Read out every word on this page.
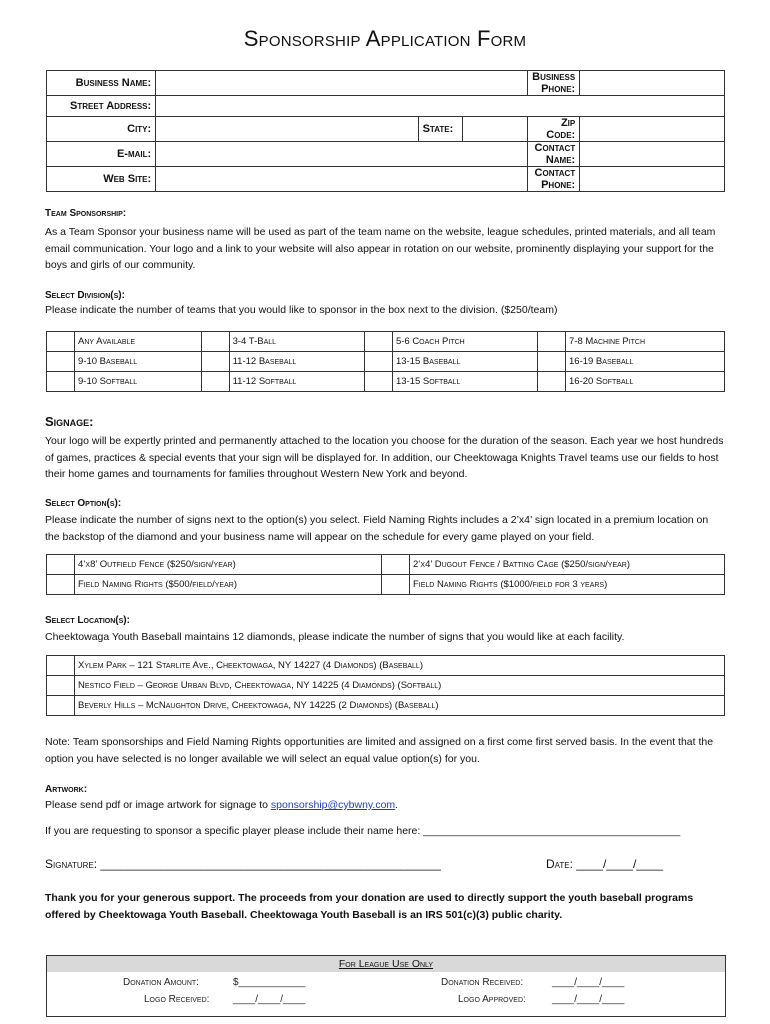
Sponsorship Application Form
Business Name:				Business Phone:	
Street Address:					
City:		State:		Zip Code:	
E-mail:				Contact Name:	
Web Site:				Contact Phone:	
Team Sponsorship:
As a Team Sponsor your business name will be used as part of the team name on the website, league schedules, printed materials, and all team email communication. Your logo and a link to your website will also appear in rotation on our website, prominently displaying your support for the boys and girls of our community.
Select Division(s):
Please indicate the number of teams that you would like to sponsor in the box next to the division. ($250/team)
	Any Available		3-4 T-Ball		5-6 Coach Pitch		7-8 Machine Pitch
	9-10 Baseball		11-12 Baseball		13-15 Baseball		16-19 Baseball
	9-10 Softball		11-12 Softball		13-15 Softball		16-20 Softball
Signage:
Your logo will be expertly printed and permanently attached to the location you choose for the duration of the season. Each year we host hundreds of games, practices & special events that your sign will be displayed for. In addition, our Cheektowaga Knights Travel teams use our fields to host their home games and tournaments for families throughout Western New York and beyond.
Select Option(s):
Please indicate the number of signs next to the option(s) you select. Field Naming Rights includes a 2’x4’ sign located in a premium location on the backstop of the diamond and your business name will appear on the schedule for every game played on your field.
	4’x8’ Outfield Fence ($250/sign/year)		2’x4’ Dugout Fence / Batting Cage ($250/sign/year)
	Field Naming Rights ($500/field/year)		Field Naming Rights ($1000/field for 3 years)
Select Location(s):
Cheektowaga Youth Baseball maintains 12 diamonds, please indicate the number of signs that you would like at each facility.
	Xylem Park – 121 Starlite Ave., Cheektowaga, NY 14227 (4 Diamonds) (Baseball)
	Nestico Field – George Urban Blvd, Cheektowaga, NY 14225 (4 Diamonds) (Softball)
	Beverly Hills – McNaughton Drive, Cheektowaga, NY 14225 (2 Diamonds) (Baseball)
Note: Team sponsorships and Field Naming Rights opportunities are limited and assigned on a first come first served basis. In the event that the option you have selected is no longer available we will select an equal value option(s) for you.
Artwork:
Please send pdf or image artwork for signage to sponsorship@cybwny.com.
If you are requesting to sponsor a specific player please include their name here: ____________________________________________
Signature: ___________________________________________________	Date: ____/____/____
Thank you for your generous support. The proceeds from your donation are used to directly support the youth baseball programs offered by Cheektowaga Youth Baseball. Cheektowaga Youth Baseball is an IRS 501(c)(3) public charity.
For League Use Only
Donation Amount:	$____________	Donation Received:	____/____/____
Logo Received: ____/____/____	Logo Approved:	____/____/____
